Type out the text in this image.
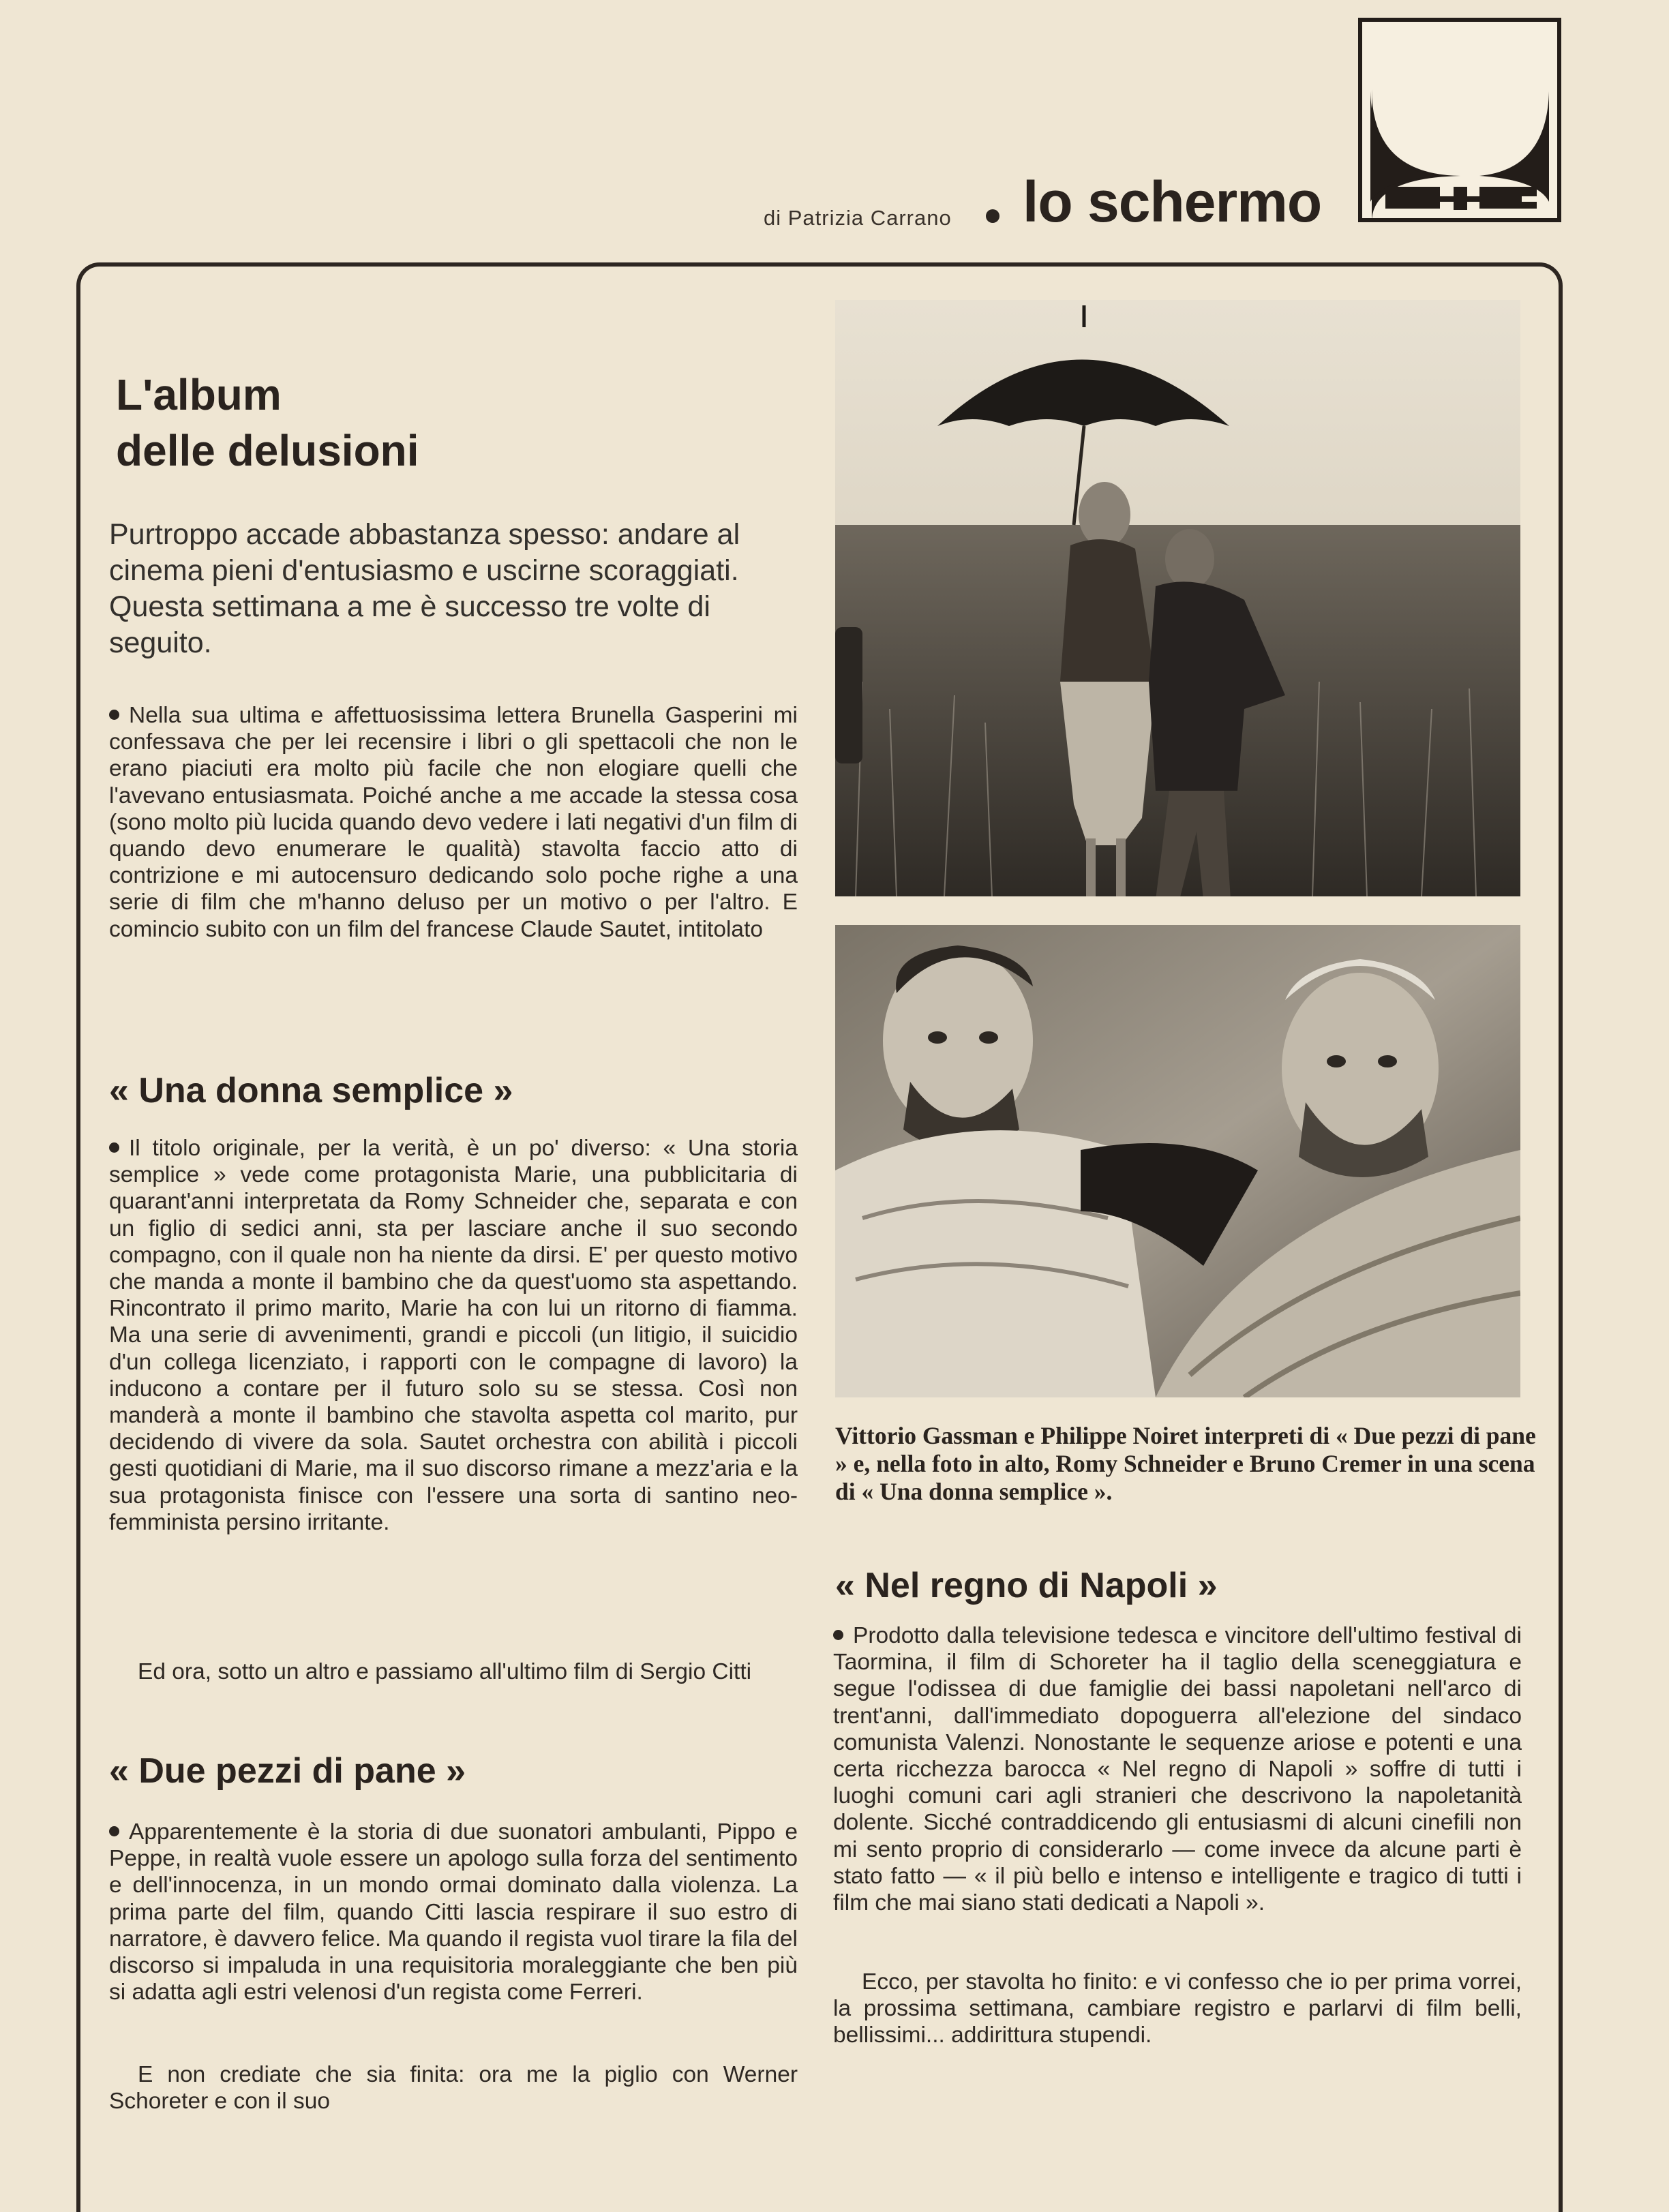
di Patrizia Carrano lo schermo
L'album
delle delusioni
Purtroppo accade abbastanza spesso: andare al cinema pieni d'entusiasmo e uscirne scoraggiati. Questa settimana a me è successo tre volte di seguito.
Nella sua ultima e affettuosissima lettera Brunella Gasperini mi confessava che per lei recensire i libri o gli spettacoli che non le erano piaciuti era molto più facile che non elogiare quelli che l'avevano entusiasmata. Poiché anche a me accade la stessa cosa (sono molto più lucida quando devo vedere i lati negativi d'un film di quando devo enumerare le qualità) stavolta faccio atto di contrizione e mi autocensuro dedicando solo poche righe a una serie di film che m'hanno deluso per un motivo o per l'altro. E comincio subito con un film del francese Claude Sautet, intitolato
« Una donna semplice »
Il titolo originale, per la verità, è un po' diverso: « Una storia semplice » vede come protagonista Marie, una pubblicitaria di quarant'anni interpretata da Romy Schneider che, separata e con un figlio di sedici anni, sta per lasciare anche il suo secondo compagno, con il quale non ha niente da dirsi. E' per questo motivo che manda a monte il bambino che da quest'uomo sta aspettando. Rincontrato il primo marito, Marie ha con lui un ritorno di fiamma. Ma una serie di avvenimenti, grandi e piccoli (un litigio, il suicidio d'un collega licenziato, i rapporti con le compagne di lavoro) la inducono a contare per il futuro solo su se stessa. Così non manderà a monte il bambino che stavolta aspetta col marito, pur decidendo di vivere da sola. Sautet orchestra con abilità i piccoli gesti quotidiani di Marie, ma il suo discorso rimane a mezz'aria e la sua protagonista finisce con l'essere una sorta di santino neo-femminista persino irritante.
Ed ora, sotto un altro e passiamo all'ultimo film di Sergio Citti
« Due pezzi di pane »
Apparentemente è la storia di due suonatori ambulanti, Pippo e Peppe, in realtà vuole essere un apologo sulla forza del sentimento e dell'innocenza, in un mondo ormai dominato dalla violenza. La prima parte del film, quando Citti lascia respirare il suo estro di narratore, è davvero felice. Ma quando il regista vuol tirare la fila del discorso si impaluda in una requisitoria moraleggiante che ben più si adatta agli estri velenosi d'un regista come Ferreri.
E non crediate che sia finita: ora me la piglio con Werner Schoreter e con il suo
Vittorio Gassman e Philippe Noiret interpreti di « Due pezzi di pane » e, nella foto in alto, Romy Schneider e Bruno Cremer in una scena di « Una donna semplice ».
« Nel regno di Napoli »
Prodotto dalla televisione tedesca e vincitore dell'ultimo festival di Taormina, il film di Schoreter ha il taglio della sceneggiatura e segue l'odissea di due famiglie dei bassi napoletani nell'arco di trent'anni, dall'immediato dopoguerra all'elezione del sindaco comunista Valenzi. Nonostante le sequenze ariose e potenti e una certa ricchezza barocca « Nel regno di Napoli » soffre di tutti i luoghi comuni cari agli stranieri che descrivono la napoletanità dolente. Sicché contraddicendo gli entusiasmi di alcuni cinefili non mi sento proprio di considerarlo — come invece da alcune parti è stato fatto — « il più bello e intenso e intelligente e tragico di tutti i film che mai siano stati dedicati a Napoli ».
Ecco, per stavolta ho finito: e vi confesso che io per prima vorrei, la prossima settimana, cambiare registro e parlarvi di film belli, bellissimi... addirittura stupendi.
